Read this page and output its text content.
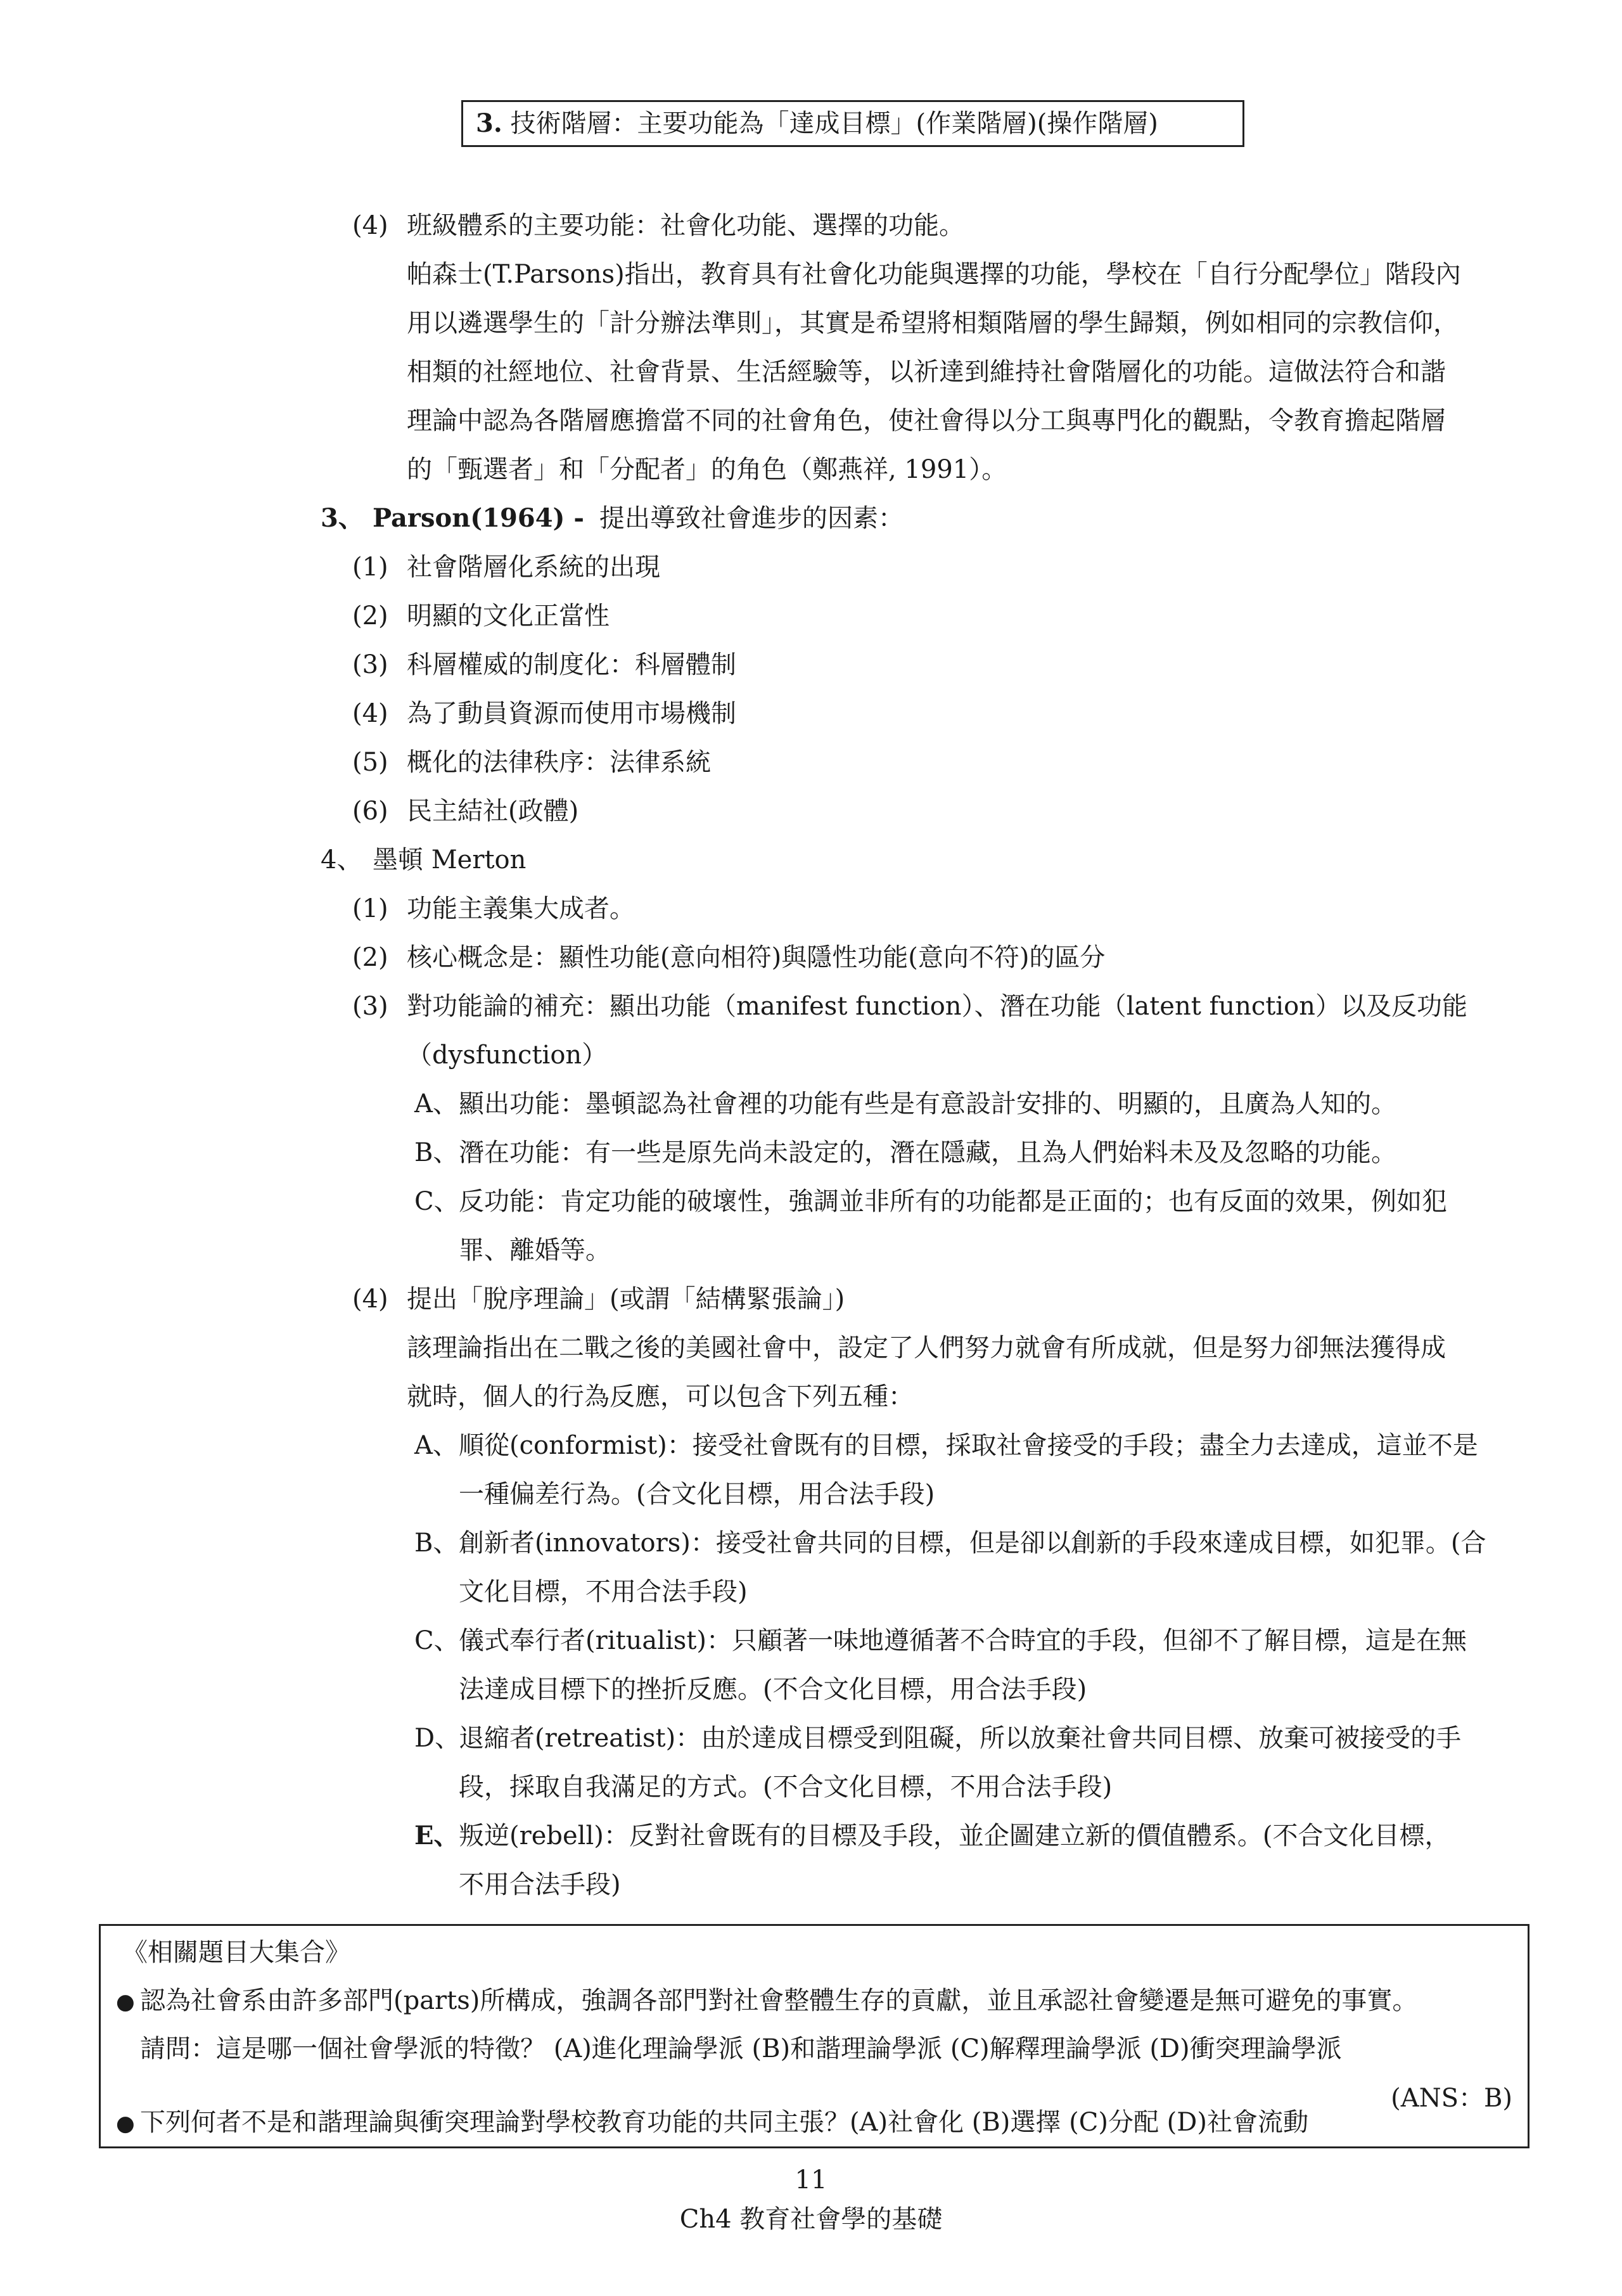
3. 技術階層：主要功能為「達成目標」(作業階層)(操作階層)
(4) 班級體系的主要功能：社會化功能、選擇的功能。
帕森士(T.Parsons)指出，教育具有社會化功能與選擇的功能，學校在「自行分配學位」階段內
用以遴選學生的「計分辦法準則」，其實是希望將相類階層的學生歸類，例如相同的宗教信仰，
相類的社經地位、社會背景、生活經驗等，以祈達到維持社會階層化的功能。這做法符合和諧
理論中認為各階層應擔當不同的社會角色，使社會得以分工與專門化的觀點，令教育擔起階層
的「甄選者」和「分配者」的角色（鄭燕祥, 1991）。
3、 Parson(1964) - 提出導致社會進步的因素：
(1) 社會階層化系統的出現
(2) 明顯的文化正當性
(3) 科層權威的制度化：科層體制
(4) 為了動員資源而使用市場機制
(5) 概化的法律秩序：法律系統
(6) 民主結社(政體)
4、 墨頓 Merton
(1) 功能主義集大成者。
(2) 核心概念是：顯性功能(意向相符)與隱性功能(意向不符)的區分
(3) 對功能論的補充：顯出功能（manifest function）、潛在功能（latent function）以及反功能
（dysfunction）
A、 顯出功能：墨頓認為社會裡的功能有些是有意設計安排的、明顯的，且廣為人知的。
B、 潛在功能：有一些是原先尚未設定的，潛在隱藏，且為人們始料未及及忽略的功能。
C、 反功能：肯定功能的破壞性，強調並非所有的功能都是正面的；也有反面的效果，例如犯
罪、離婚等。
(4) 提出「脫序理論」(或謂「結構緊張論」)
該理論指出在二戰之後的美國社會中，設定了人們努力就會有所成就，但是努力卻無法獲得成
就時，個人的行為反應，可以包含下列五種：
A、 順從(conformist)：接受社會既有的目標，採取社會接受的手段；盡全力去達成，這並不是
一種偏差行為。(合文化目標，用合法手段)
B、 創新者(innovators)：接受社會共同的目標，但是卻以創新的手段來達成目標，如犯罪。(合
文化目標，不用合法手段)
C、 儀式奉行者(ritualist)：只顧著一味地遵循著不合時宜的手段，但卻不了解目標，這是在無
法達成目標下的挫折反應。(不合文化目標，用合法手段)
D、
退縮者(retreatist)：由於達成目標受到阻礙，所以放棄社會共同目標、放棄可被接受的手
段，採取自我滿足的方式。(不合文化目標，不用合法手段)
E、 叛逆(rebell)：反對社會既有的目標及手段，並企圖建立新的價值體系。(不合文化目標，
不用合法手段)
《相關題目大集合》
● 認為社會系由許多部門(parts)所構成，強調各部門對社會整體生存的貢獻，並且承認社會變遷是無可避免的事實。
請問：這是哪一個社會學派的特徵？ (A)進化理論學派 (B)和諧理論學派 (C)解釋理論學派 (D)衝突理論學派
(ANS：B)
● 下列何者不是和諧理論與衝突理論對學校教育功能的共同主張？(A)社會化 (B)選擇 (C)分配 (D)社會流動
11
Ch4 教育社會學的基礎
